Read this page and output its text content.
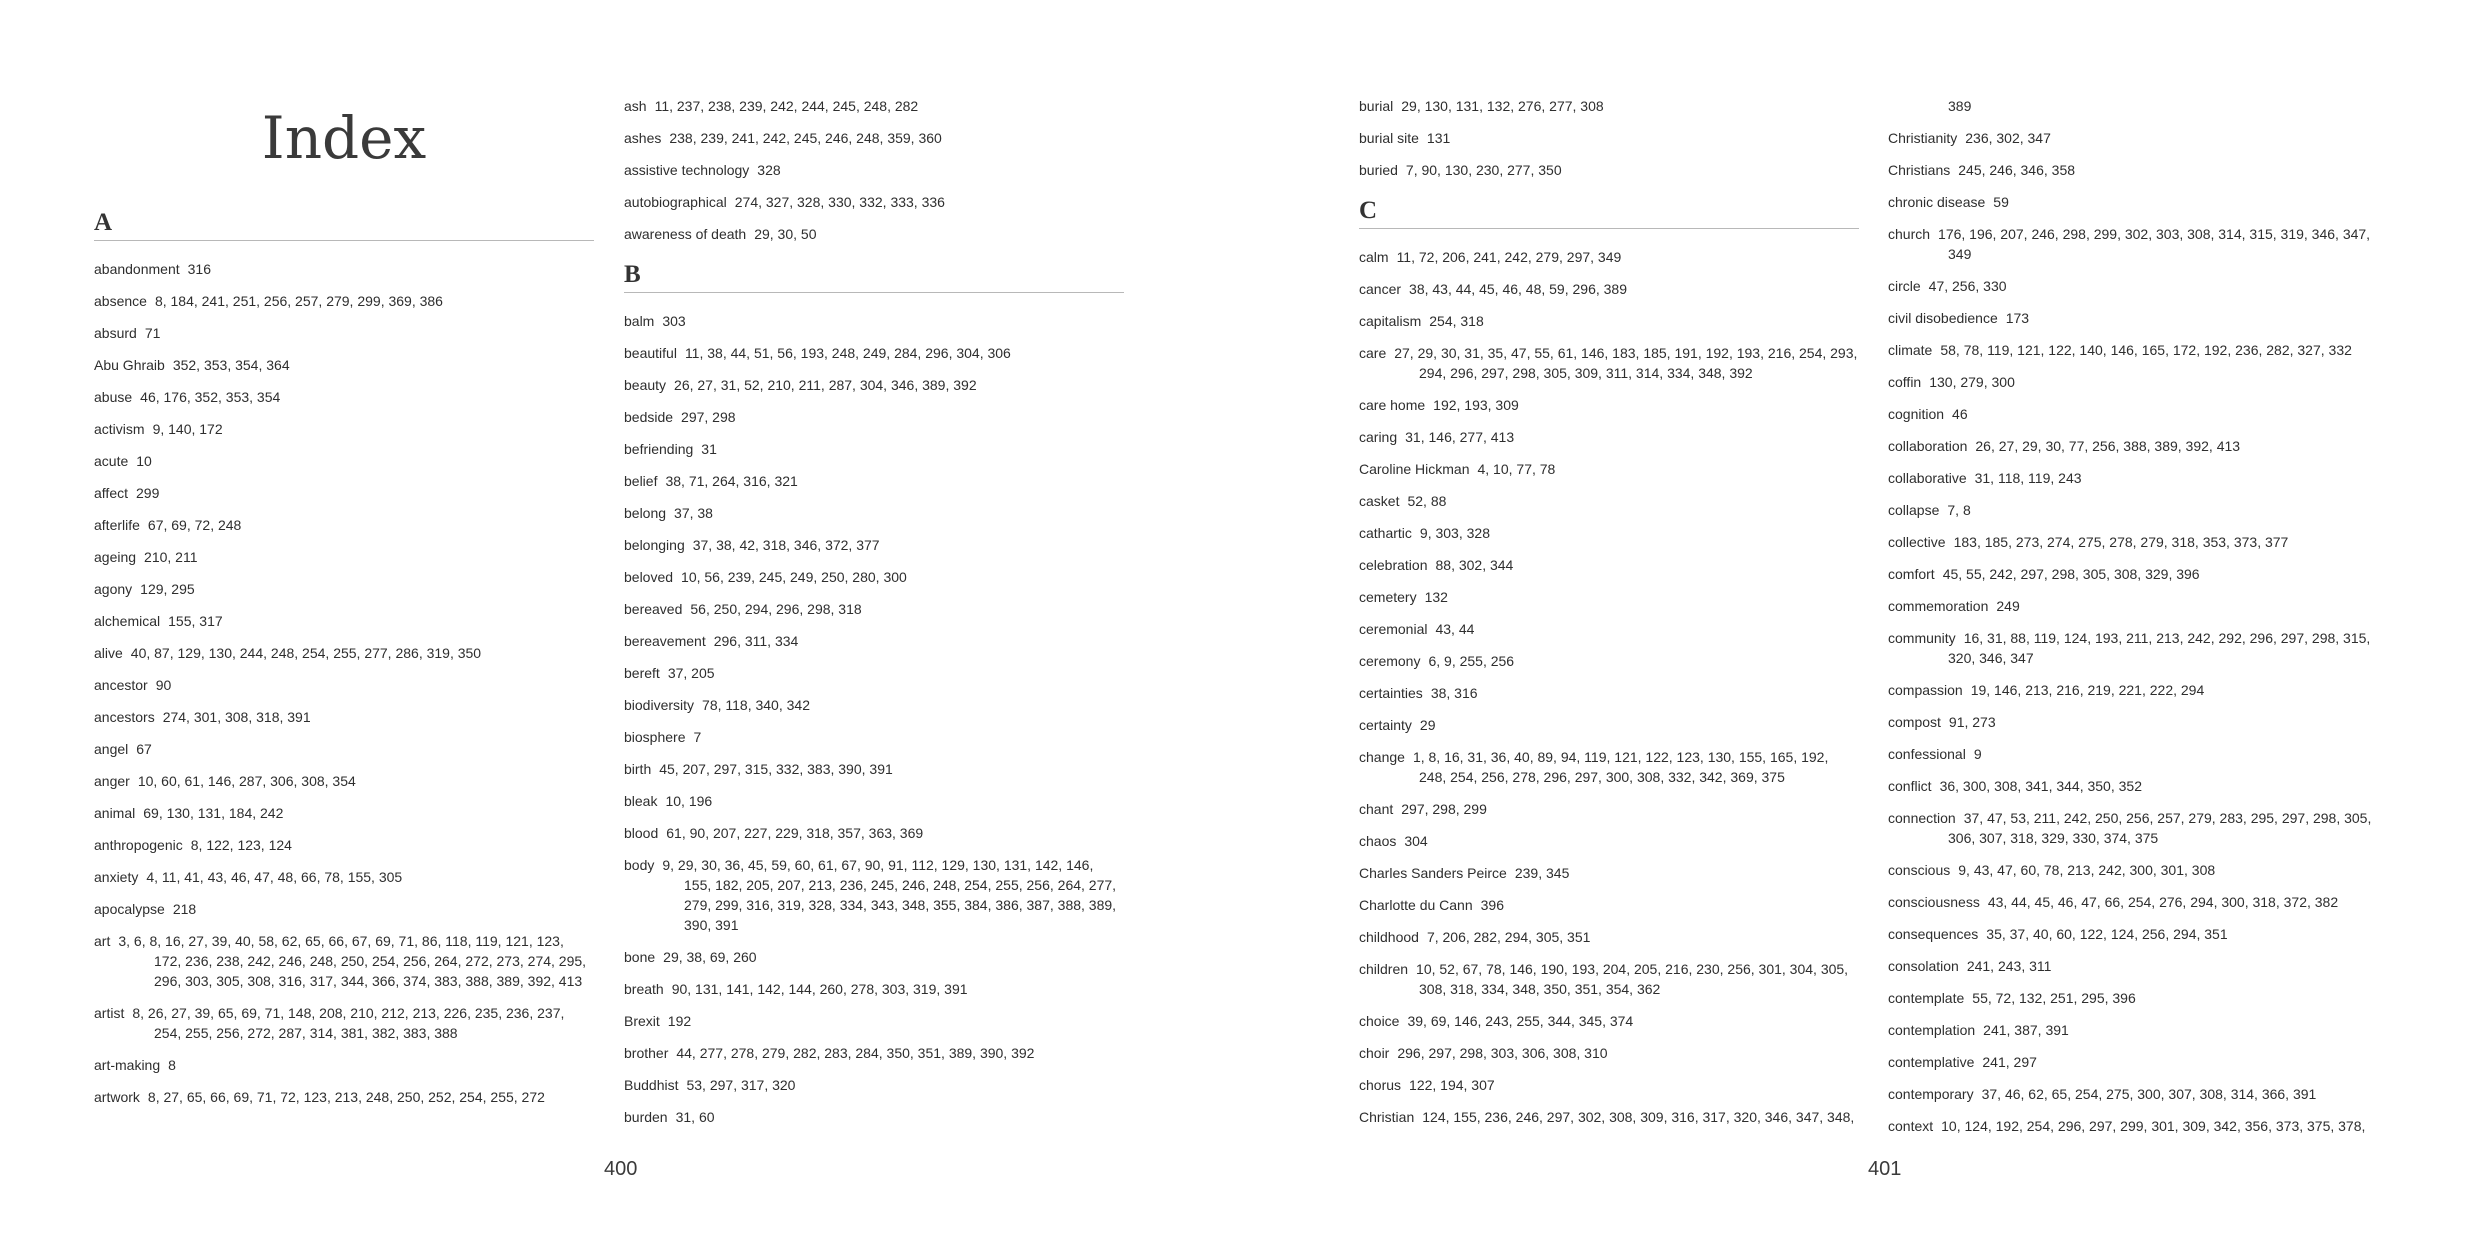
Index
A
abandonment 316
absence 8, 184, 241, 251, 256, 257, 279, 299, 369, 386
absurd 71
Abu Ghraib 352, 353, 354, 364
abuse 46, 176, 352, 353, 354
activism 9, 140, 172
acute 10
affect 299
afterlife 67, 69, 72, 248
ageing 210, 211
agony 129, 295
alchemical 155, 317
alive 40, 87, 129, 130, 244, 248, 254, 255, 277, 286, 319, 350
ancestor 90
ancestors 274, 301, 308, 318, 391
angel 67
anger 10, 60, 61, 146, 287, 306, 308, 354
animal 69, 130, 131, 184, 242
anthropogenic 8, 122, 123, 124
anxiety 4, 11, 41, 43, 46, 47, 48, 66, 78, 155, 305
apocalypse 218
art 3, 6, 8, 16, 27, 39, 40, 58, 62, 65, 66, 67, 69, 71, 86, 118, 119, 121, 123, 172, 236, 238, 242, 246, 248, 250, 254, 256, 264, 272, 273, 274, 295, 296, 303, 305, 308, 316, 317, 344, 366, 374, 383, 388, 389, 392, 413
artist 8, 26, 27, 39, 65, 69, 71, 148, 208, 210, 212, 213, 226, 235, 236, 237, 254, 255, 256, 272, 287, 314, 381, 382, 383, 388
art-making 8
artwork 8, 27, 65, 66, 69, 71, 72, 123, 213, 248, 250, 252, 254, 255, 272
ash 11, 237, 238, 239, 242, 244, 245, 248, 282
ashes 238, 239, 241, 242, 245, 246, 248, 359, 360
assistive technology 328
autobiographical 274, 327, 328, 330, 332, 333, 336
awareness of death 29, 30, 50
B
balm 303
beautiful 11, 38, 44, 51, 56, 193, 248, 249, 284, 296, 304, 306
beauty 26, 27, 31, 52, 210, 211, 287, 304, 346, 389, 392
bedside 297, 298
befriending 31
belief 38, 71, 264, 316, 321
belong 37, 38
belonging 37, 38, 42, 318, 346, 372, 377
beloved 10, 56, 239, 245, 249, 250, 280, 300
bereaved 56, 250, 294, 296, 298, 318
bereavement 296, 311, 334
bereft 37, 205
biodiversity 78, 118, 340, 342
biosphere 7
birth 45, 207, 297, 315, 332, 383, 390, 391
bleak 10, 196
blood 61, 90, 207, 227, 229, 318, 357, 363, 369
body 9, 29, 30, 36, 45, 59, 60, 61, 67, 90, 91, 112, 129, 130, 131, 142, 146, 155, 182, 205, 207, 213, 236, 245, 246, 248, 254, 255, 256, 264, 277, 279, 299, 316, 319, 328, 334, 343, 348, 355, 384, 386, 387, 388, 389, 390, 391
bone 29, 38, 69, 260
breath 90, 131, 141, 142, 144, 260, 278, 303, 319, 391
Brexit 192
brother 44, 277, 278, 279, 282, 283, 284, 350, 351, 389, 390, 392
Buddhist 53, 297, 317, 320
burden 31, 60
burial 29, 130, 131, 132, 276, 277, 308
burial site 131
buried 7, 90, 130, 230, 277, 350
C
calm 11, 72, 206, 241, 242, 279, 297, 349
cancer 38, 43, 44, 45, 46, 48, 59, 296, 389
capitalism 254, 318
care 27, 29, 30, 31, 35, 47, 55, 61, 146, 183, 185, 191, 192, 193, 216, 254, 293, 294, 296, 297, 298, 305, 309, 311, 314, 334, 348, 392
care home 192, 193, 309
caring 31, 146, 277, 413
Caroline Hickman 4, 10, 77, 78
casket 52, 88
cathartic 9, 303, 328
celebration 88, 302, 344
cemetery 132
ceremonial 43, 44
ceremony 6, 9, 255, 256
certainties 38, 316
certainty 29
change 1, 8, 16, 31, 36, 40, 89, 94, 119, 121, 122, 123, 130, 155, 165, 192, 248, 254, 256, 278, 296, 297, 300, 308, 332, 342, 369, 375
chant 297, 298, 299
chaos 304
Charles Sanders Peirce 239, 345
Charlotte du Cann 396
childhood 7, 206, 282, 294, 305, 351
children 10, 52, 67, 78, 146, 190, 193, 204, 205, 216, 230, 256, 301, 304, 305, 308, 318, 334, 348, 350, 351, 354, 362
choice 39, 69, 146, 243, 255, 344, 345, 374
choir 296, 297, 298, 303, 306, 308, 310
chorus 122, 194, 307
Christian 124, 155, 236, 246, 297, 302, 308, 309, 316, 317, 320, 346, 347, 348,
389
Christianity 236, 302, 347
Christians 245, 246, 346, 358
chronic disease 59
church 176, 196, 207, 246, 298, 299, 302, 303, 308, 314, 315, 319, 346, 347, 349
circle 47, 256, 330
civil disobedience 173
climate 58, 78, 119, 121, 122, 140, 146, 165, 172, 192, 236, 282, 327, 332
coffin 130, 279, 300
cognition 46
collaboration 26, 27, 29, 30, 77, 256, 388, 389, 392, 413
collaborative 31, 118, 119, 243
collapse 7, 8
collective 183, 185, 273, 274, 275, 278, 279, 318, 353, 373, 377
comfort 45, 55, 242, 297, 298, 305, 308, 329, 396
commemoration 249
community 16, 31, 88, 119, 124, 193, 211, 213, 242, 292, 296, 297, 298, 315, 320, 346, 347
compassion 19, 146, 213, 216, 219, 221, 222, 294
compost 91, 273
confessional 9
conflict 36, 300, 308, 341, 344, 350, 352
connection 37, 47, 53, 211, 242, 250, 256, 257, 279, 283, 295, 297, 298, 305, 306, 307, 318, 329, 330, 374, 375
conscious 9, 43, 47, 60, 78, 213, 242, 300, 301, 308
consciousness 43, 44, 45, 46, 47, 66, 254, 276, 294, 300, 318, 372, 382
consequences 35, 37, 40, 60, 122, 124, 256, 294, 351
consolation 241, 243, 311
contemplate 55, 72, 132, 251, 295, 396
contemplation 241, 387, 391
contemplative 241, 297
contemporary 37, 46, 62, 65, 254, 275, 300, 307, 308, 314, 366, 391
context 10, 124, 192, 254, 296, 297, 299, 301, 309, 342, 356, 373, 375, 378,
400	401
